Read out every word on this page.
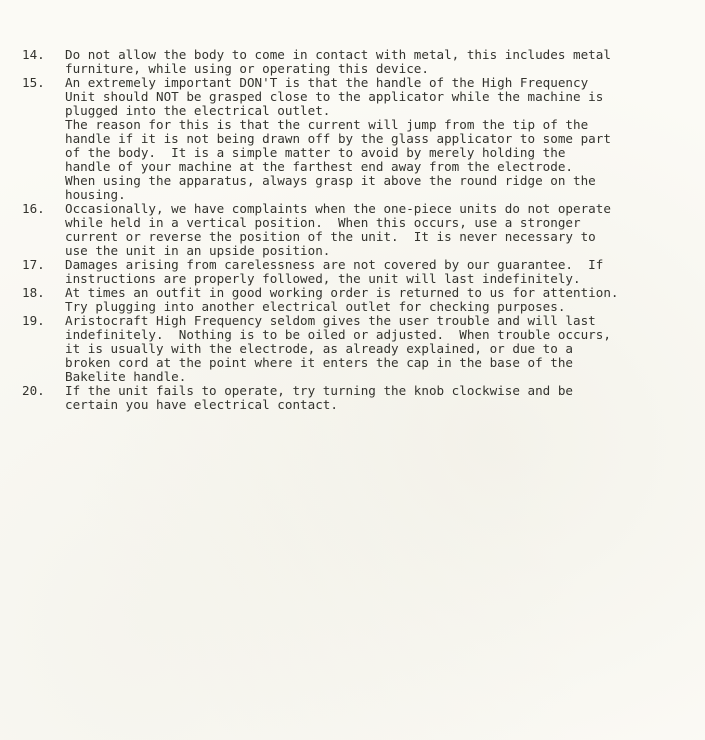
14.	Do not allow the body to come in contact with metal, this includes metal
furniture, while using or operating this device.
15.	An extremely important DON'T is that the handle of the High Frequency
Unit should NOT be grasped close to the applicator while the machine is
plugged into the electrical outlet.
The reason for this is that the current will jump from the tip of the
handle if it is not being drawn off by the glass applicator to some part
of the body.  It is a simple matter to avoid by merely holding the
handle of your machine at the farthest end away from the electrode.
When using the apparatus, always grasp it above the round ridge on the
housing.
16.	Occasionally, we have complaints when the one-piece units do not operate
while held in a vertical position.  When this occurs, use a stronger
current or reverse the position of the unit.  It is never necessary to
use the unit in an upside position.
17.	Damages arising from carelessness are not covered by our guarantee.  If
instructions are properly followed, the unit will last indefinitely.
18.	At times an outfit in good working order is returned to us for attention.
Try plugging into another electrical outlet for checking purposes.
19.	Aristocraft High Frequency seldom gives the user trouble and will last
indefinitely.  Nothing is to be oiled or adjusted.  When trouble occurs,
it is usually with the electrode, as already explained, or due to a
broken cord at the point where it enters the cap in the base of the
Bakelite handle.
20.	If the unit fails to operate, try turning the knob clockwise and be
certain you have electrical contact.
